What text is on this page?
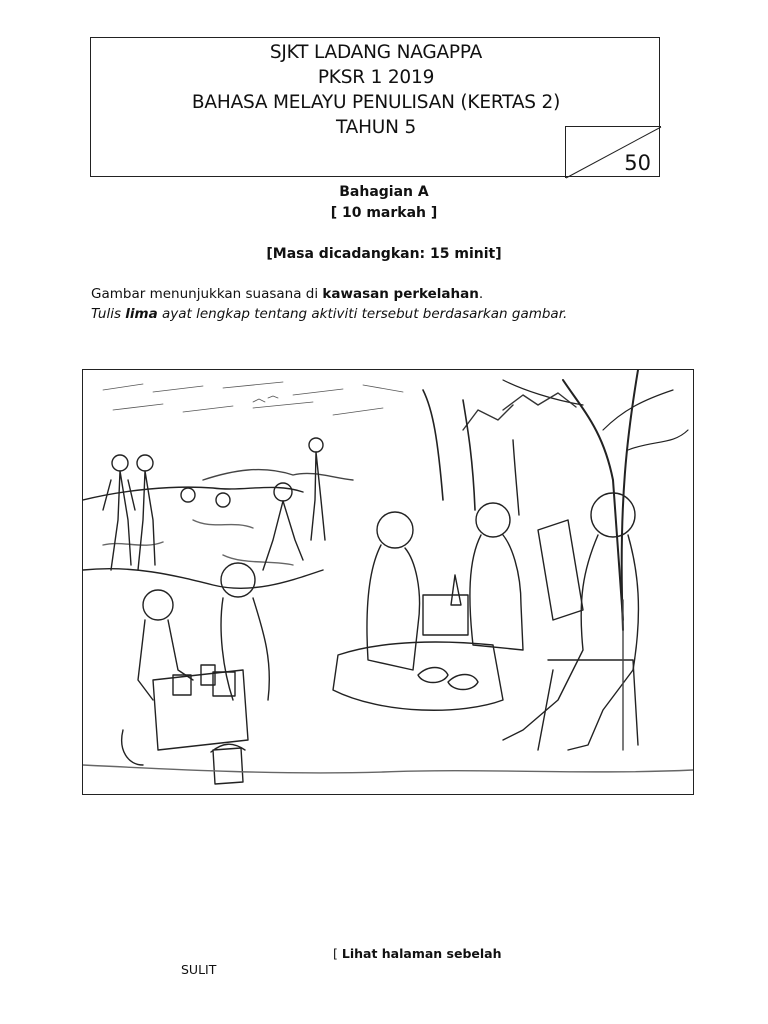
SJKT LADANG NAGAPPA
PKSR 1 2019
BAHASA MELAYU PENULISAN (KERTAS 2)
TAHUN 5
50
Bahagian A
[ 10 markah ]
[Masa dicadangkan: 15 minit]
Gambar menunjukkan suasana di kawasan perkelahan.
Tulis lima ayat lengkap tentang aktiviti tersebut berdasarkan gambar.
[ Lihat halaman sebelah
SULIT
